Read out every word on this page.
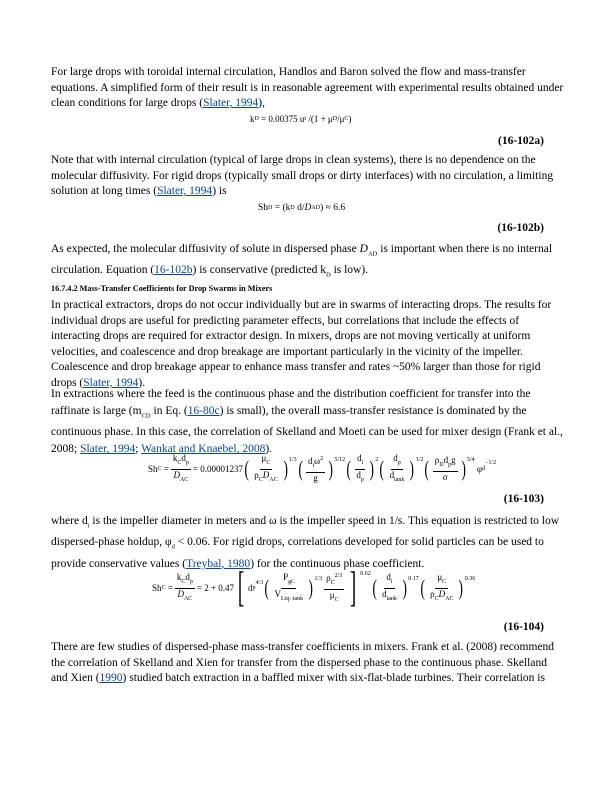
For large drops with toroidal internal circulation, Handlos and Baron solved the flow and mass-transfer equations. A simplified form of their result is in reasonable agreement with experimental results obtained under clean conditions for large drops (Slater, 1994),

k D = 0.00375 u t /(1 + μ D /μ C )
(16-102a)

Note that with internal circulation (typical of large drops in clean systems), there is no dependence on the molecular diffusivity. For rigid drops (typically small drops or dirty interfaces) with no circulation, a limiting solution at long times (Slater, 1994) is

Sh D = (k D d/ D AD ) ≈ 6.6
(16-102b)

As expected, the molecular diffusivity of solute in dispersed phase $D_{AD}$ is important when there is no internal circulation. Equation (16-102b) is conservative (predicted $k_D$ is low).

16.7.4.2 Mass-Transfer Coefficients for Drop Swarms in Mixers

In practical extractors, drops do not occur individually but are in swarms of interacting drops. The results for individual drops are useful for predicting parameter effects, but correlations that include the effects of interacting drops are required for extractor design. In mixers, drops are not moving vertically at uniform velocities, and coalescence and drop breakage are important particularly in the vicinity of the impeller. Coalescence and drop breakage appear to enhance mass transfer and rates ~50% larger than those for rigid drops (Slater, 1994).

In extractions where the feed is the continuous phase and the distribution coefficient for transfer into the raffinate is large ($m_{CD}$ in Eq. (16-80c) is small), the overall mass-transfer resistance is dominated by the continuous phase. In this case, the correlation of Skelland and Moeti can be used for mixer design (Frank et al., 2008; Slater, 1994; Wankat and Knaebel, 2008).

Sh $C = \frac{k_Cd_p}{D_{AC}} = 0.00001237$ ( $\frac{\mu_C}{\rho_CD_{AC}}$ ) 1/3 ( $\frac{d_i\omega^2}{g}$ ) 5/12 ( $\frac{d_i}{d_p}$ ) 2 ( $\frac{d_p}{d_{tank}}$ ) 1/2 ( $\frac{\rho_Dd_pg}{\sigma}$ ) 5/4
φ d
−1/2
(16-103)

where $d_i$ is the impeller diameter in meters and ω is the impeller speed in 1/s. This equation is restricted to low dispersed-phase holdup, $\varphi_d < 0.06$. For rigid drops, correlations developed for solid particles can be used to provide conservative values (Treybal, 1980) for the continuous phase coefficient.

Sh $C = \frac{k_Cd_p}{D_{AC}} = 2 + 0.47$ [ d p
4/3 ( $\frac{P_{gC}}{V_{Liq-tank}}$ ) $1/3 \frac{\rho_C^{2/3}}{\mu_C}$ ] 0.62
( $\frac{d_i}{d_{tank}}$ ) 0.17 ( $\frac{\mu_C}{\rho_CD_{AC}}$ ) 0.36
(16-104)

There are few studies of dispersed-phase mass-transfer coefficients in mixers. Frank et al. (2008) recommend the correlation of Skelland and Xien for transfer from the dispersed phase to the continuous phase. Skelland and Xien (1990) studied batch extraction in a baffled mixer with six-flat-blade turbines. Their correlation is
